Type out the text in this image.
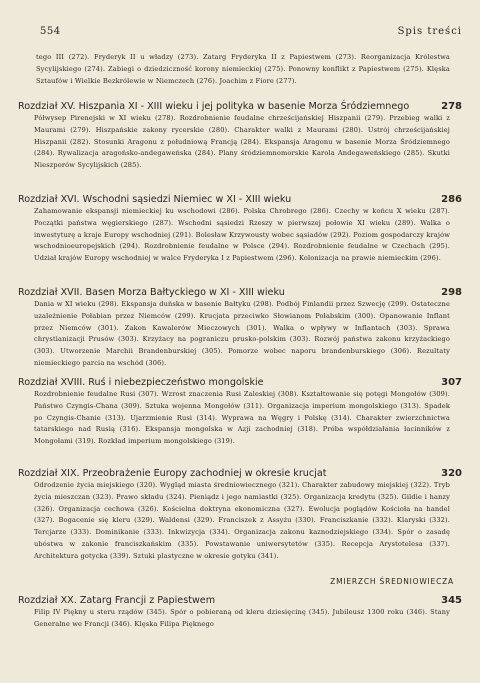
554	Spis treści
tego III (272). Fryderyk II u władzy (273). Zatarg Fryderyka II z Papiestwem (273). Reorganizacja Królestwa Sycylijskiego (274). Zabiegi o dziedziczność korony niemieckiej (275). Ponowny konflikt z Papiestwem (275). Klęska Sztaufów i Wielkie Bezkrólewie w Niemczech (276). Joachim z Fiore (277).
Rozdział XV. Hiszpania XI - XIII wieku i jej polityka w basenie Morza Śródziemnego	278
Półwysep Pirenejski w XI wieku (278). Rozdrobnienie feudalne chrześcijańskiej Hiszpanii (279). Przebieg walki z Maurami (279). Hiszpańskie zakony rycerskie (280). Charakter walki z Maurami (280). Ustrój chrześcijańskiej Hiszpanii (282). Stosunki Aragonu z południową Francją (284). Ekspansja Aragonu w basenie Morza Śródziemnego (284). Rywalizacja aragońsko-andegaweńska (284). Plany śródziemnomorskie Karola Andegaweńskiego (285). Skutki Nieszporów Sycylijskich (285).
Rozdział XVI. Wschodni sąsiedzi Niemiec w XI - XIII wieku	286
Zahamowanie ekspansji niemieckiej ku wschodowi (286). Polska Chrobrego (286). Czechy w końcu X wieku (287). Początki państwa węgierskiego (287). Wschodni sąsiedzi Rzeszy w pierwszej połowie XI wieku (289). Walka o inwestyturę a kraje Europy wschodniej (291). Bolesław Krzywousty wobec sąsiadów (292). Poziom gospodarczy krajów wschodnioeuropejskich (294). Rozdrobnienie feudalne w Polsce (294). Rozdrobnienie feudalne w Czechach (295). Udział krajów Europy wschodniej w walce Fryderyka I z Papiestwem (296). Kolonizacja na prawie niemieckim (296).
Rozdział XVII. Basen Morza Bałtyckiego w XI - XIII wieku	298
Dania w XI wieku (298). Ekspansja duńska w basenie Bałtyku (298). Podbój Finlandii przez Szwecję (299). Ostateczne uzależnienie Połabian przez Niemców (299). Krucjata przeciwko Słowianom Połabskim (300). Opanowanie Inflant przez Niemców (301). Zakon Kawalerów Mieczowych (301). Walka o wpływy w Inflantach (303). Sprawa chrystianizacji Prusów (303). Krzyżacy na pograniczu prusko-polskim (303). Rozwój państwa zakonu krzyżackiego (303). Utworzenie Marchii Brandenburskiej (305). Pomorze wobec naporu brandenburskiego (306). Rezultaty niemieckiego parcia na wschód (306).
Rozdział XVIII. Ruś i niebezpieczeństwo mongolskie	307
Rozdrobnienie feudalne Rusi (307). Wzrost znaczenia Rusi Zaleskiej (308). Kształtowanie się potęgi Mongołów (309). Państwo Czyngis-Chana (309). Sztuka wojenna Mongołów (311). Organizacja imperium mongolskiego (313). Spadek po Czyngis-Chanie (313). Ujarzmienie Rusi (314). Wyprawa na Węgry i Polskę (314). Charakter zwierzchnictwa tatarskiego nad Rusią (316). Ekspansja mongolska w Azji zachodniej (318). Próba współdziałania łacinników z Mongołami (319). Rozkład imperium mongolskiego (319).
Rozdział XIX. Przeobrażenie Europy zachodniej w okresie krucjat	320
Odrodzenie życia miejskiego (320). Wygląd miasta średniowiecznego (321). Charakter zabudowy miejskiej (322). Tryb życia mieszczan (323). Prawo składu (324). Pieniądz i jego namiastki (325). Organizacja kredytu (325). Gildie i hanzy (326). Organizacja cechowa (326). Kościelna doktryna ekonomiczna (327). Ewolucja poglądów Kościoła na handel (327). Bogacenie się kleru (329). Waldensi (329). Franciszek z Assyżu (330). Franciszkanie (332). Klaryski (332). Tercjarze (333). Dominikanie (333). Inkwizycja (334). Organizacja zakonu kaznodziejskiego (334). Spór o zasadę ubóstwa w zakonie franciszkańskim (335). Powstawanie uniwersytetów (335). Recepcja Arystotelesa (337). Architektura gotycka (339). Sztuki plastyczne w okresie gotyku (341).
ZMIERZCH ŚREDNIOWIECZA
Rozdział XX. Zatarg Francji z Papiestwem	345
Filip IV Piękny u steru rządów (345). Spór o pobieraną od kleru dziesięcinę (345). Jubileusz 1300 roku (346). Stany Generalne we Francji (346). Klęska Filipa Pięknego
